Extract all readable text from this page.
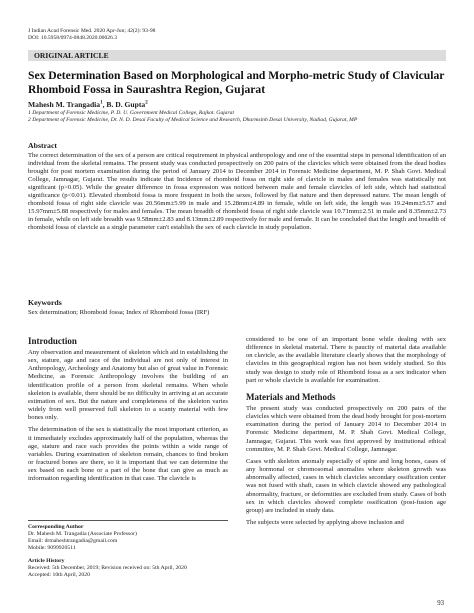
J Indian Acad Forensic Med. 2020 Apr-Jun; 42(2): 93-98
DOI: 10.5958/0974-0848.2020.00026.3
ORIGINAL ARTICLE
Sex Determination Based on Morphological and Morpho-metric Study of Clavicular Rhomboid Fossa in Saurashtra Region, Gujarat
Mahesh M. Trangadia$^1$, B. D. Gupta$^2$
1 Department of Forensic Medicine, P. D. U. Government Medical College, Rajkot. Gujarat
2 Department of Forensic Medicine, Dr. N. D. Desai Faculty of Medical Science and Research, Dharmsinh Desai University, Nadiad, Gujarat, MP
Abstract
The correct determination of the sex of a person are critical requirement in physical anthropology and one of the essential steps in personal identification of an individual from the skeletal remains. The present study was conducted prospectively on 200 pairs of the clavicles which were obtained from the dead bodies brought for post mortem examination during the period of January 2014 to December 2014 in Forensic Medicine department, M. P. Shah Govt. Medical College, Jamnagar, Gujarat. The results indicate that Incidence of rhomboid fossa on right side of clavicle in males and females was statistically not significant (p>0.05). While the greater difference in fossa expression was noticed between male and female clavicles of left side, which had statistical significance (p<0.01). Elevated rhomboid fossa is more frequent in both the sexes, followed by flat nature and then depressed nature. The mean length of rhomboid fossa of right side clavicle was 20.56mm±5.99 in male and 15.28mm±4.89 in female, while on left side, the length was 19.24mm±5.57 and 15.97mm±5.88 respectively for males and females. The mean breadth of rhomboid fossa of right side clavicle was 10.71mm±2.51 in male and 8.35mm±2.73 in female, while on left side breadth was 9.58mm±2.83 and 8.13mm±2.89 respectively for male and female. It can be concluded that the length and breadth of rhomboid fossa of clavicle as a single parameter can't establish the sex of each clavicle in study population.
Keywords
Sex determination; Rhomboid fossa; Index of Rhomboid fossa (IRF)
Introduction

Any observation and measurement of skeleton which aid in establishing the sex, stature, age and race of the individual are not only of interest in Anthropology, Archeology and Anatomy but also of great value in Forensic Medicine, as Forensic Anthropology involves the building of an identification profile of a person from skeletal remains. When whole skeleton is available, there should be no difficulty in arriving at an accurate estimation of sex. But the nature and completeness of the skeleton varies widely from well preserved full skeleton to a scanty material with few bones only.

The determination of the sex is statistically the most important criterion, as it immediately excludes approximately half of the population, whereas the age, stature and race each provides the points within a wide range of variables. During examination of skeleton remain, chances to find broken or fractured bones are there, so it is important that we can determine the sex based on each bone or a part of the bone that can give as much as information regarding identification in that case. The clavicle is

Corresponding Author
Dr. Mahesh M. Trangadia (Associate Professor)
Email: drmaheshtrangadia@gmail.com
Mobile: 9099920511
Article History
Received: 5th December, 2019; Revision received on: 5th April, 2020
Accepted: 10th April, 2020

considered to be one of an important bone while dealing with sex difference in skeletal material. There is paucity of material data available on clavicle, as the available literature clearly shows that the morphology of clavicles in this geographical region has not been widely studied. So this study was design to study role of Rhomboid fossa as a sex indicator when part or whole clavicle is available for examination.

Materials and Methods

The present study was conducted prospectively on 200 pairs of the clavicles which were obtained from the dead body brought for post-mortem examination during the period of January 2014 to December 2014 in Forensic Medicine department, M. P. Shah Govt. Medical College, Jamnagar, Gujarat. This work was first approved by institutional ethical committee, M. P. Shah Govt. Medical College, Jamnagar.

Cases with skeleton anomaly especially of spine and long bones, cases of any hormonal or chromosomal anomalies where skeleton growth was abnormally affected, cases in which clavicles secondary ossification center was not fused with shaft, cases in which clavicle showed any pathological abnormality, fracture, or deformities are excluded from study. Cases of both sex in which clavicles showed complete ossification (post-fusion age group) are included in study data.

The subjects were selected by applying above inclusion and

93
